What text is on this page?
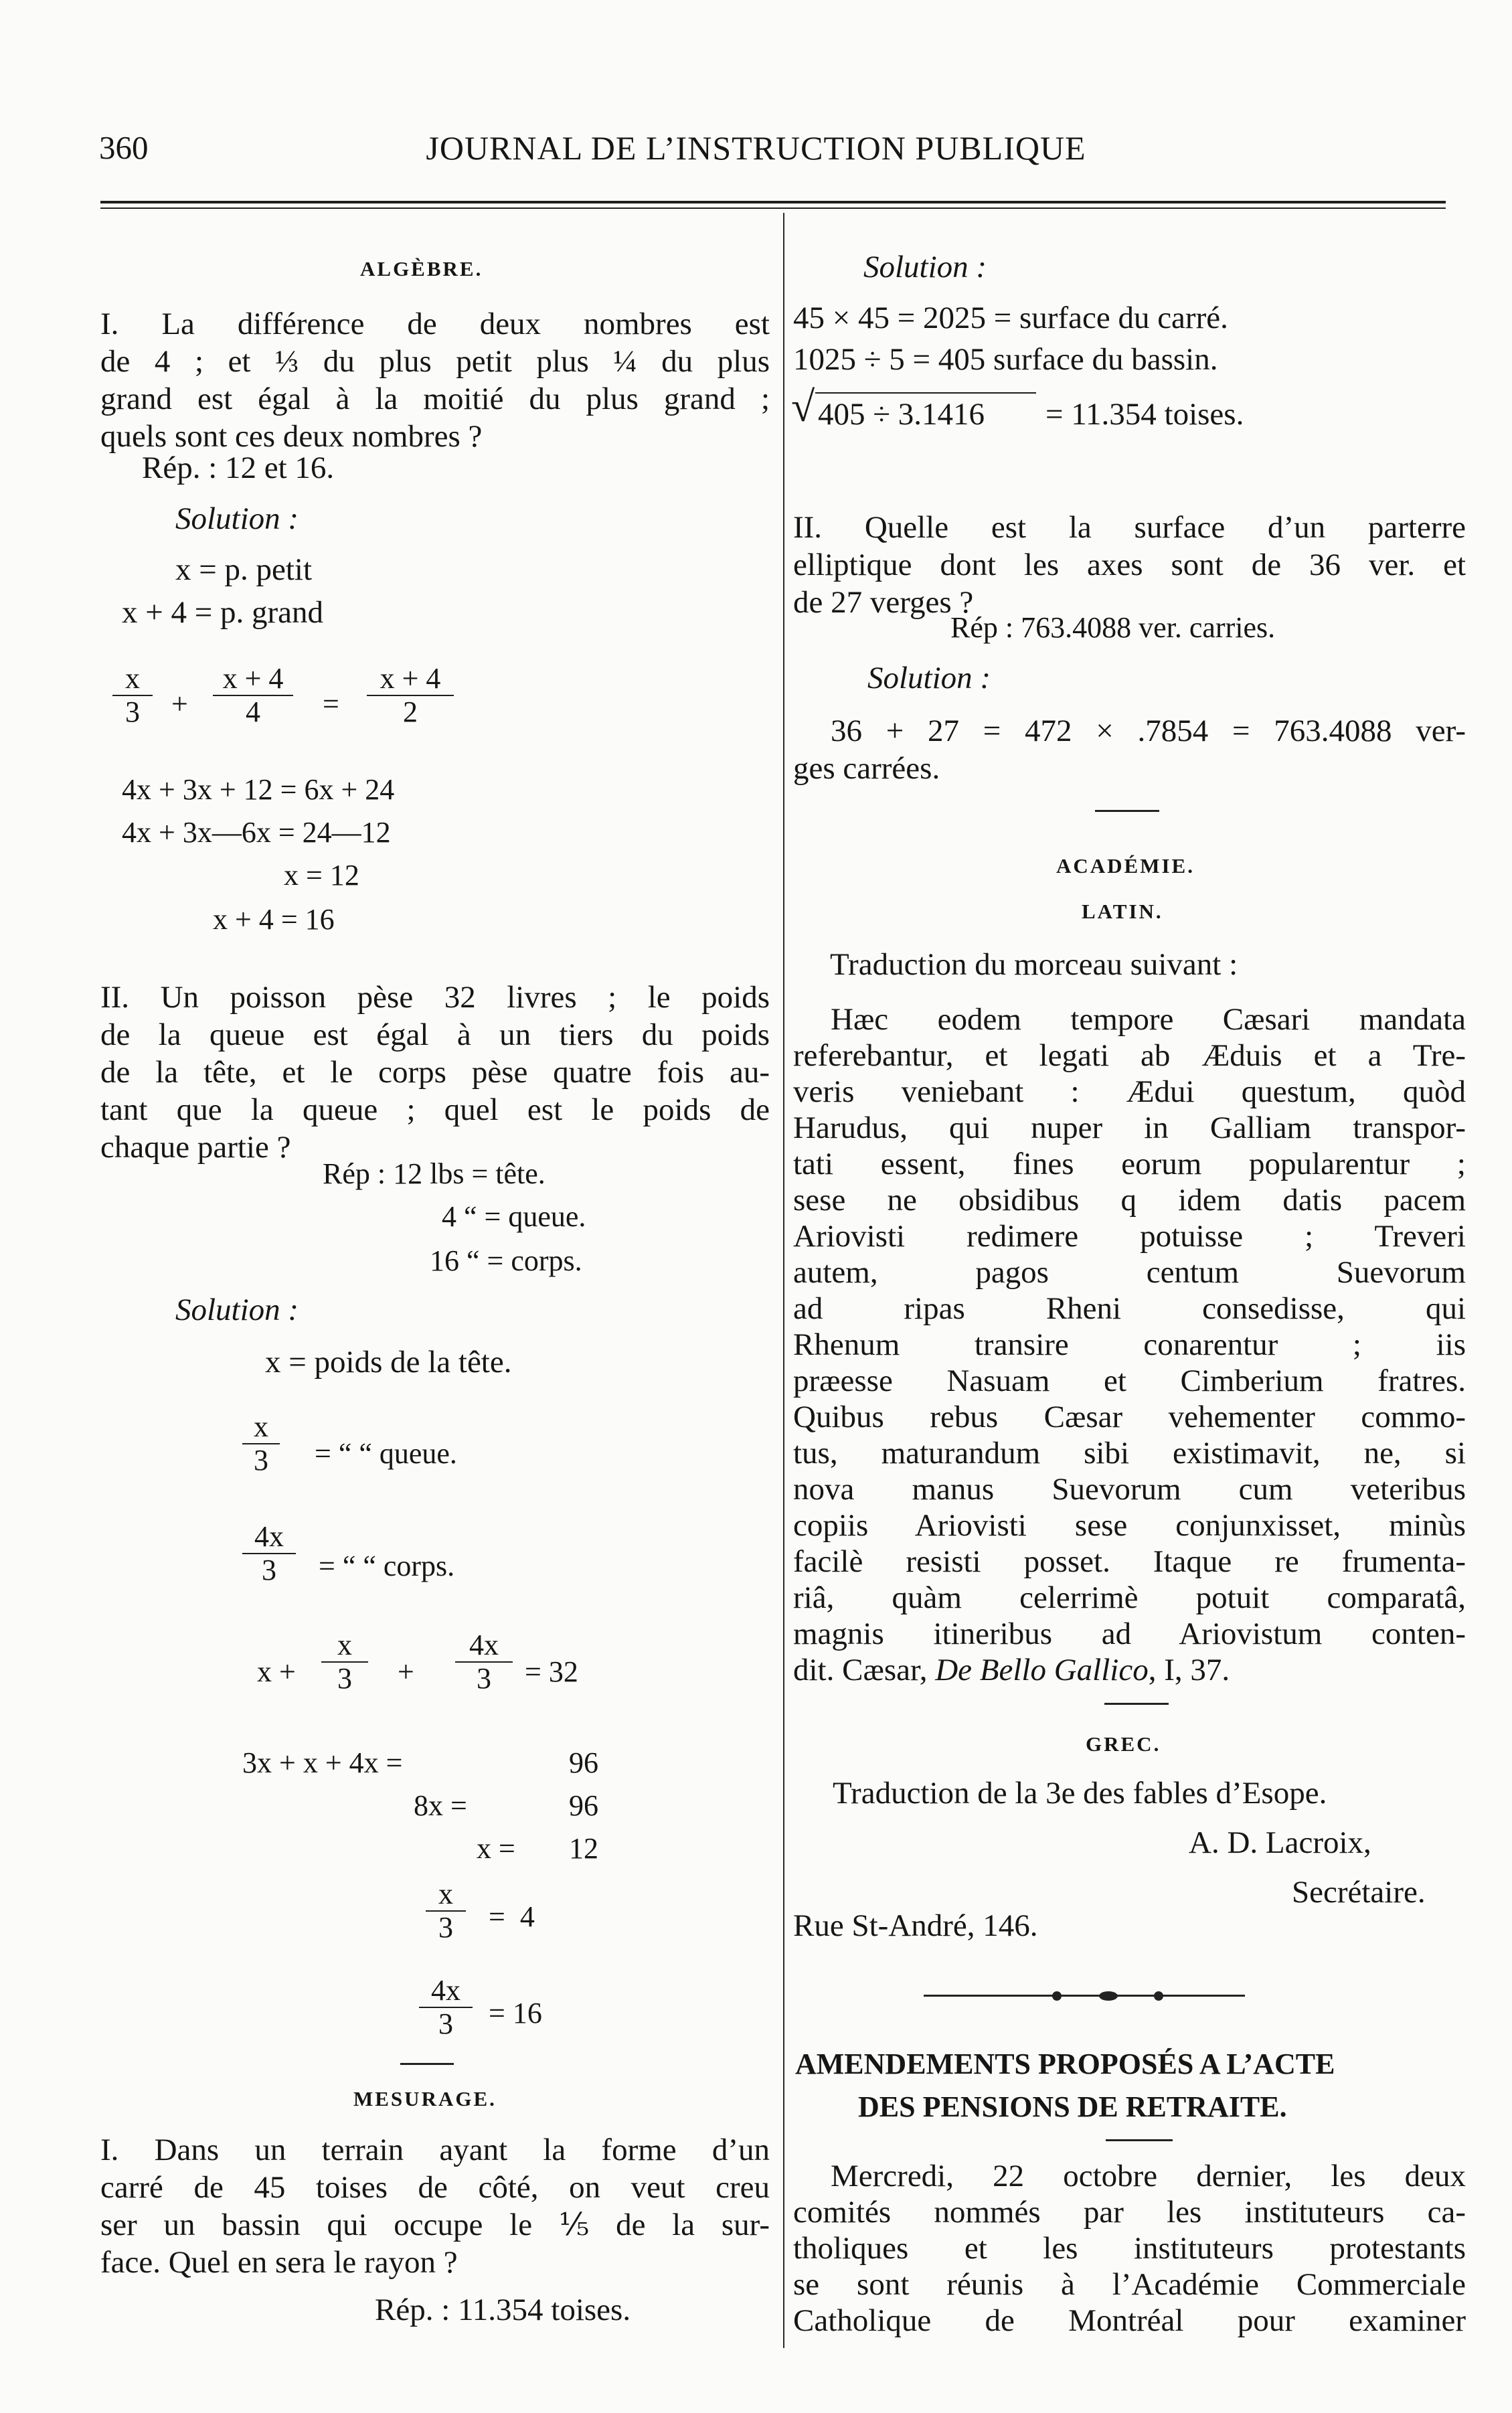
360	JOURNAL DE L’INSTRUCTION PUBLIQUE
ALGÈBRE.
I. La différence de deux nombres est
de 4 ; et ⅓ du plus petit plus ¼ du plus
grand est égal à la moitié du plus grand ;
quels sont ces deux nombres ?
Rép. : 12 et 16.
Solution :
x = p. petit
x + 4 = p. grand
x
3	+
x + 4
4	=
x + 4
2
4x + 3x + 12 = 6x + 24
4x + 3x—6x = 24—12
x = 12
x + 4 = 16
II. Un poisson pèse 32 livres ; le poids
de la queue est égal à un tiers du poids
de la tête, et le corps pèse quatre fois au-
tant que la queue ; quel est le poids de
chaque partie ?
Rép : 12 lbs = tête.
4 “ = queue.
16 “ = corps.
Solution :
x = poids de la tête.
x
3	= “ “ queue.
4x
3	= “ “ corps.
x +
x
3	+
4x
3	= 32
3x + x + 4x =	96
8x =	96
x = 12
x
3	=  4
4x
3	= 16
MESURAGE.
I. Dans un terrain ayant la forme d’un
carré de 45 toises de côté, on veut creu
ser un bassin qui occupe le ⅕ de la sur-
face. Quel en sera le rayon ?
Rép. : 11.354 toises.
Solution :
45 × 45 = 2025 = surface du carré.
1025 ÷ 5 = 405 surface du bassin.
√ 405 ÷ 3.1416 = 11.354 toises.
II. Quelle est la surface d’un parterre
elliptique dont les axes sont de 36 ver. et
de 27 verges ?
Rép : 763.4088 ver. carries.
Solution :
36 + 27 = 472 × .7854 = 763.4088 ver-
ges carrées.
ACADÉMIE.
LATIN.
Traduction du morceau suivant :
Hæc eodem tempore Cæsari mandata
referebantur, et legati ab Æduis et a Tre-
veris veniebant : Ædui questum, quòd
Harudus, qui nuper in Galliam transpor-
tati essent, fines eorum popularentur ;
sese ne obsidibus q idem datis pacem
Ariovisti redimere potuisse ; Treveri
autem, pagos centum Suevorum
ad ripas Rheni consedisse, qui
Rhenum transire conarentur ; iis
præesse Nasuam et Cimberium fratres.
Quibus rebus Cæsar vehementer commo-
tus, maturandum sibi existimavit, ne, si
nova manus Suevorum cum veteribus
copiis Ariovisti sese conjunxisset, minùs
facilè resisti posset. Itaque re frumenta-
riâ, quàm celerrimè potuit comparatâ,
magnis itineribus ad Ariovistum conten-
dit. Cæsar, De Bello Gallico, I, 37.
GREC.
Traduction de la 3e des fables d’Esope.
A. D. Lacroix,
Secrétaire.
Rue St-André, 146.
AMENDEMENTS PROPOSÉS A L’ACTE
DES PENSIONS DE RETRAITE.
Mercredi, 22 octobre dernier, les deux
comités nommés par les instituteurs ca-
tholiques et les instituteurs protestants
se sont réunis à l’Académie Commerciale
Catholique de Montréal pour examiner
